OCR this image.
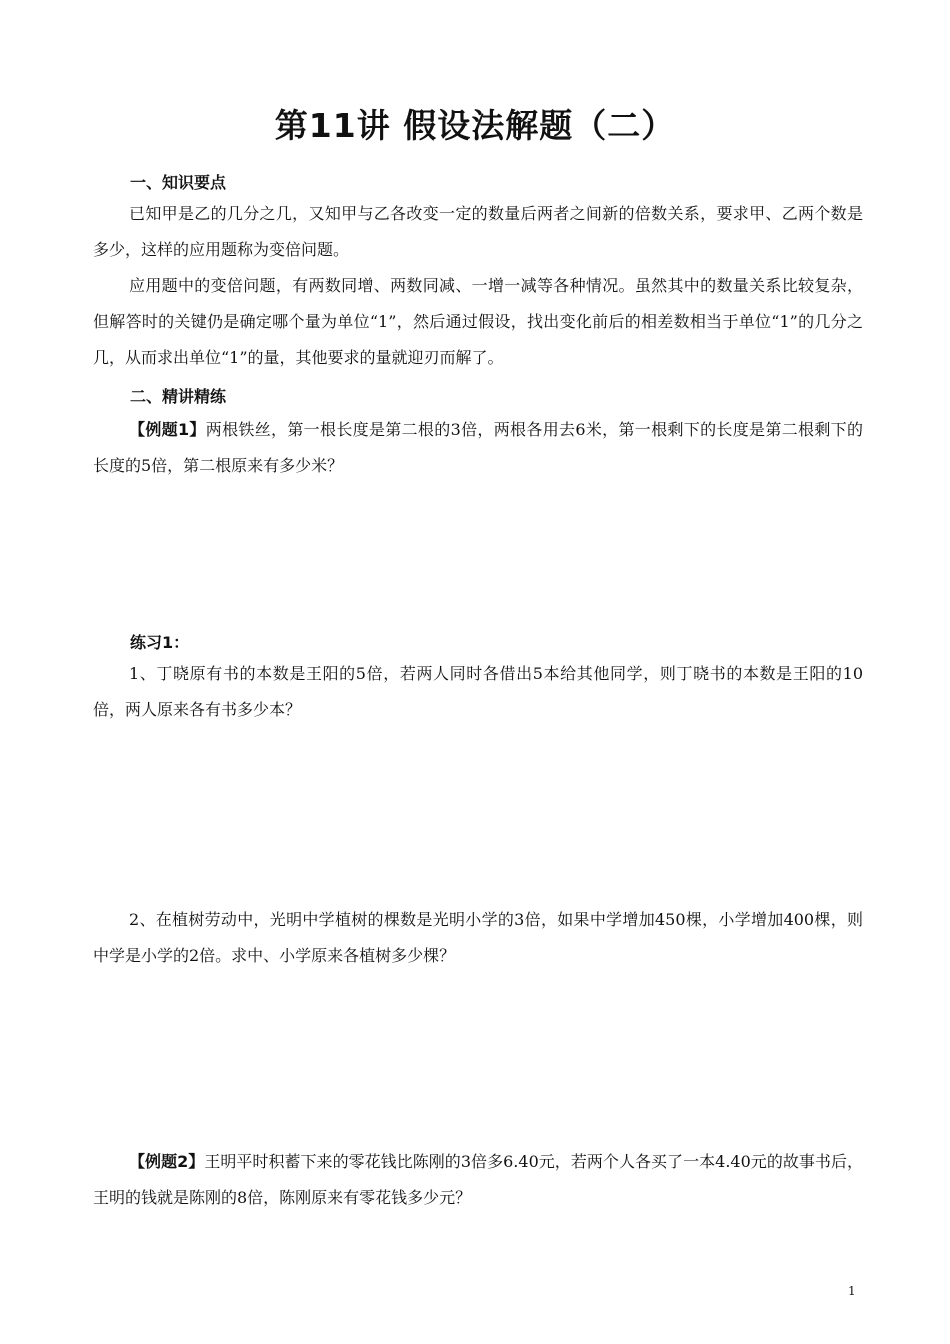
第11讲 假设法解题（二）
一、知识要点
已知甲是乙的几分之几，又知甲与乙各改变一定的数量后两者之间新的倍数关系，要求甲、乙两个数是多少，这样的应用题称为变倍问题。
应用题中的变倍问题，有两数同增、两数同减、一增一减等各种情况。虽然其中的数量关系比较复杂，但解答时的关键仍是确定哪个量为单位“1”，然后通过假设，找出变化前后的相差数相当于单位“1”的几分之几，从而求出单位“1”的量，其他要求的量就迎刃而解了。
二、精讲精练
【例题1】两根铁丝，第一根长度是第二根的3倍，两根各用去6米，第一根剩下的长度是第二根剩下的长度的5倍，第二根原来有多少米？
练习1：
1、丁晓原有书的本数是王阳的5倍，若两人同时各借出5本给其他同学，则丁晓书的本数是王阳的10倍，两人原来各有书多少本？
2、在植树劳动中，光明中学植树的棵数是光明小学的3倍，如果中学增加450棵，小学增加400棵，则中学是小学的2倍。求中、小学原来各植树多少棵？
【例题2】王明平时积蓄下来的零花钱比陈刚的3倍多6.40元，若两个人各买了一本4.40元的故事书后，王明的钱就是陈刚的8倍，陈刚原来有零花钱多少元？
1
